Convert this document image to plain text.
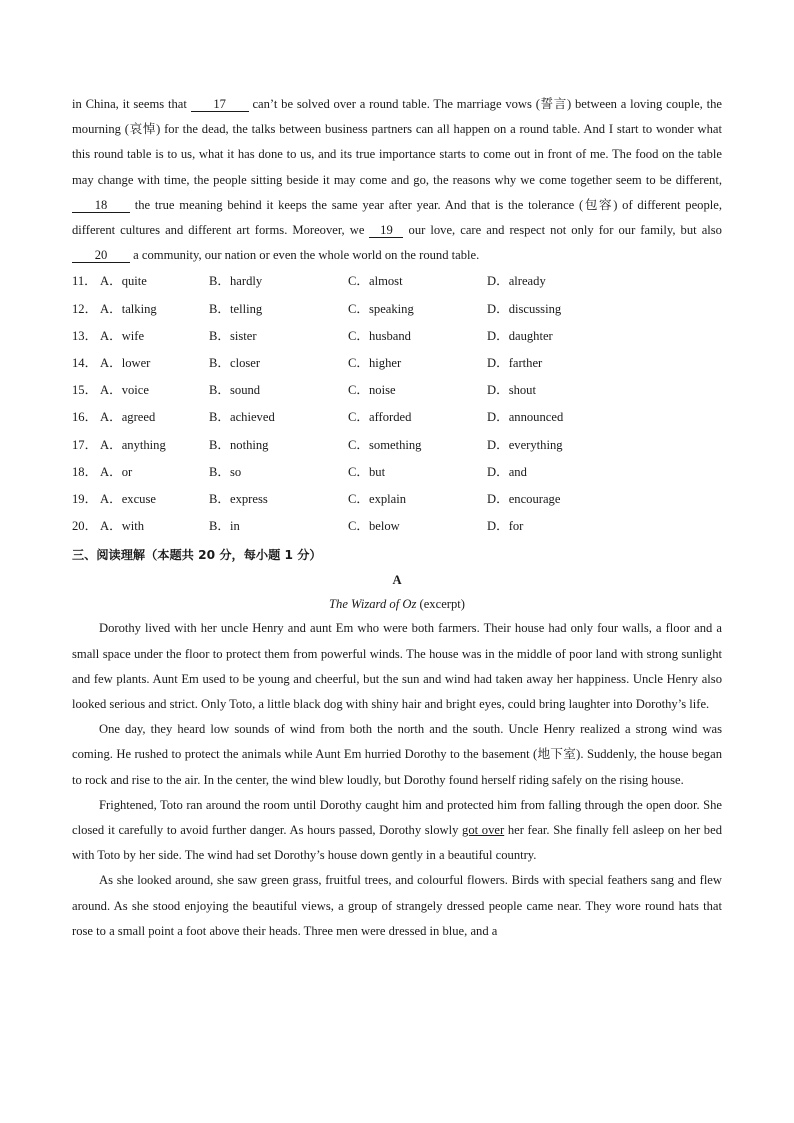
in China, it seems that 17 can’t be solved over a round table. The marriage vows (誓言) between a loving couple, the mourning (哀悼) for the dead, the talks between business partners can all happen on a round table. And I start to wonder what this round table is to us, what it has done to us, and its true importance starts to come out in front of me. The food on the table may change with time, the people sitting beside it may come and go, the reasons why we come together seem to be different, 18 the true meaning behind it keeps the same year after year. And that is the tolerance (包容) of different people, different cultures and different art forms. Moreover, we 19 our love, care and respect not only for our family, but also 20 a community, our nation or even the whole world on the round table.

11． A．quite	B．hardly	C．almost	D．already
12． A．talking	B．telling	C．speaking	D．discussing
13． A．wife	B．sister	C．husband	D．daughter
14． A．lower	B．closer	C．higher	D．farther
15． A．voice	B．sound	C．noise	D．shout
16． A．agreed	B．achieved	C．afforded	D．announced
17． A．anything	B．nothing	C．something	D．everything
18． A．or	B．so	C．but	D．and
19． A．excuse	B．express	C．explain	D．encourage
20． A．with	B．in	C．below	D．for
三、阅读理解（本题共 20 分，每小题 1 分）
A
The Wizard of Oz (excerpt)

Dorothy lived with her uncle Henry and aunt Em who were both farmers. Their house had only four walls, a floor and a small space under the floor to protect them from powerful winds. The house was in the middle of poor land with strong sunlight and few plants. Aunt Em used to be young and cheerful, but the sun and wind had taken away her happiness. Uncle Henry also looked serious and strict. Only Toto, a little black dog with shiny hair and bright eyes, could bring laughter into Dorothy’s life.

One day, they heard low sounds of wind from both the north and the south. Uncle Henry realized a strong wind was coming. He rushed to protect the animals while Aunt Em hurried Dorothy to the basement (地下室). Suddenly, the house began to rock and rise to the air. In the center, the wind blew loudly, but Dorothy found herself riding safely on the rising house.

Frightened, Toto ran around the room until Dorothy caught him and protected him from falling through the open door. She closed it carefully to avoid further danger. As hours passed, Dorothy slowly got over her fear. She finally fell asleep on her bed with Toto by her side. The wind had set Dorothy’s house down gently in a beautiful country.

As she looked around, she saw green grass, fruitful trees, and colourful flowers. Birds with special feathers sang and flew around. As she stood enjoying the beautiful views, a group of strangely dressed people came near. They wore round hats that rose to a small point a foot above their heads. Three men were dressed in blue, and a
